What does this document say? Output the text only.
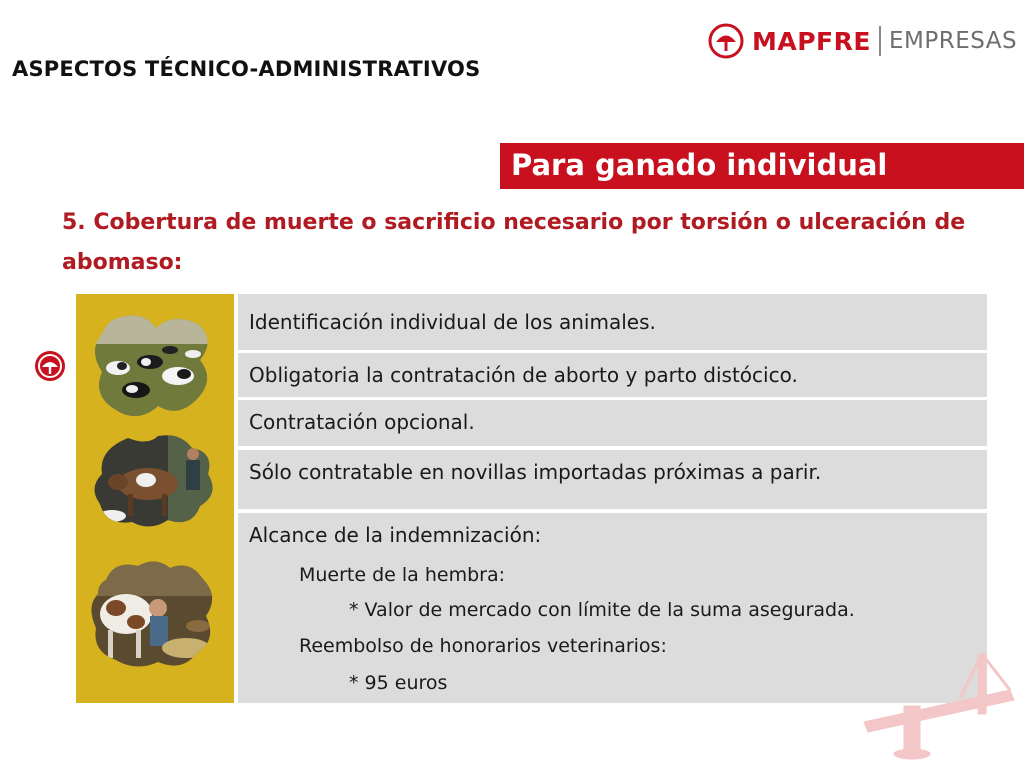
ASPECTOS TÉCNICO-ADMINISTRATIVOS
MAPFRE EMPRESAS
Para ganado individual
5. Cobertura de muerte o sacrificio necesario por torsión o ulceración de abomaso:
Identificación individual de los animales.
Obligatoria la contratación de aborto y parto distócico.
Contratación opcional.
Sólo contratable en novillas importadas próximas a parir.
Alcance de la indemnización:
Muerte de la hembra:
* Valor de mercado con límite de la suma asegurada.
Reembolso de honorarios veterinarios:
* 95 euros
